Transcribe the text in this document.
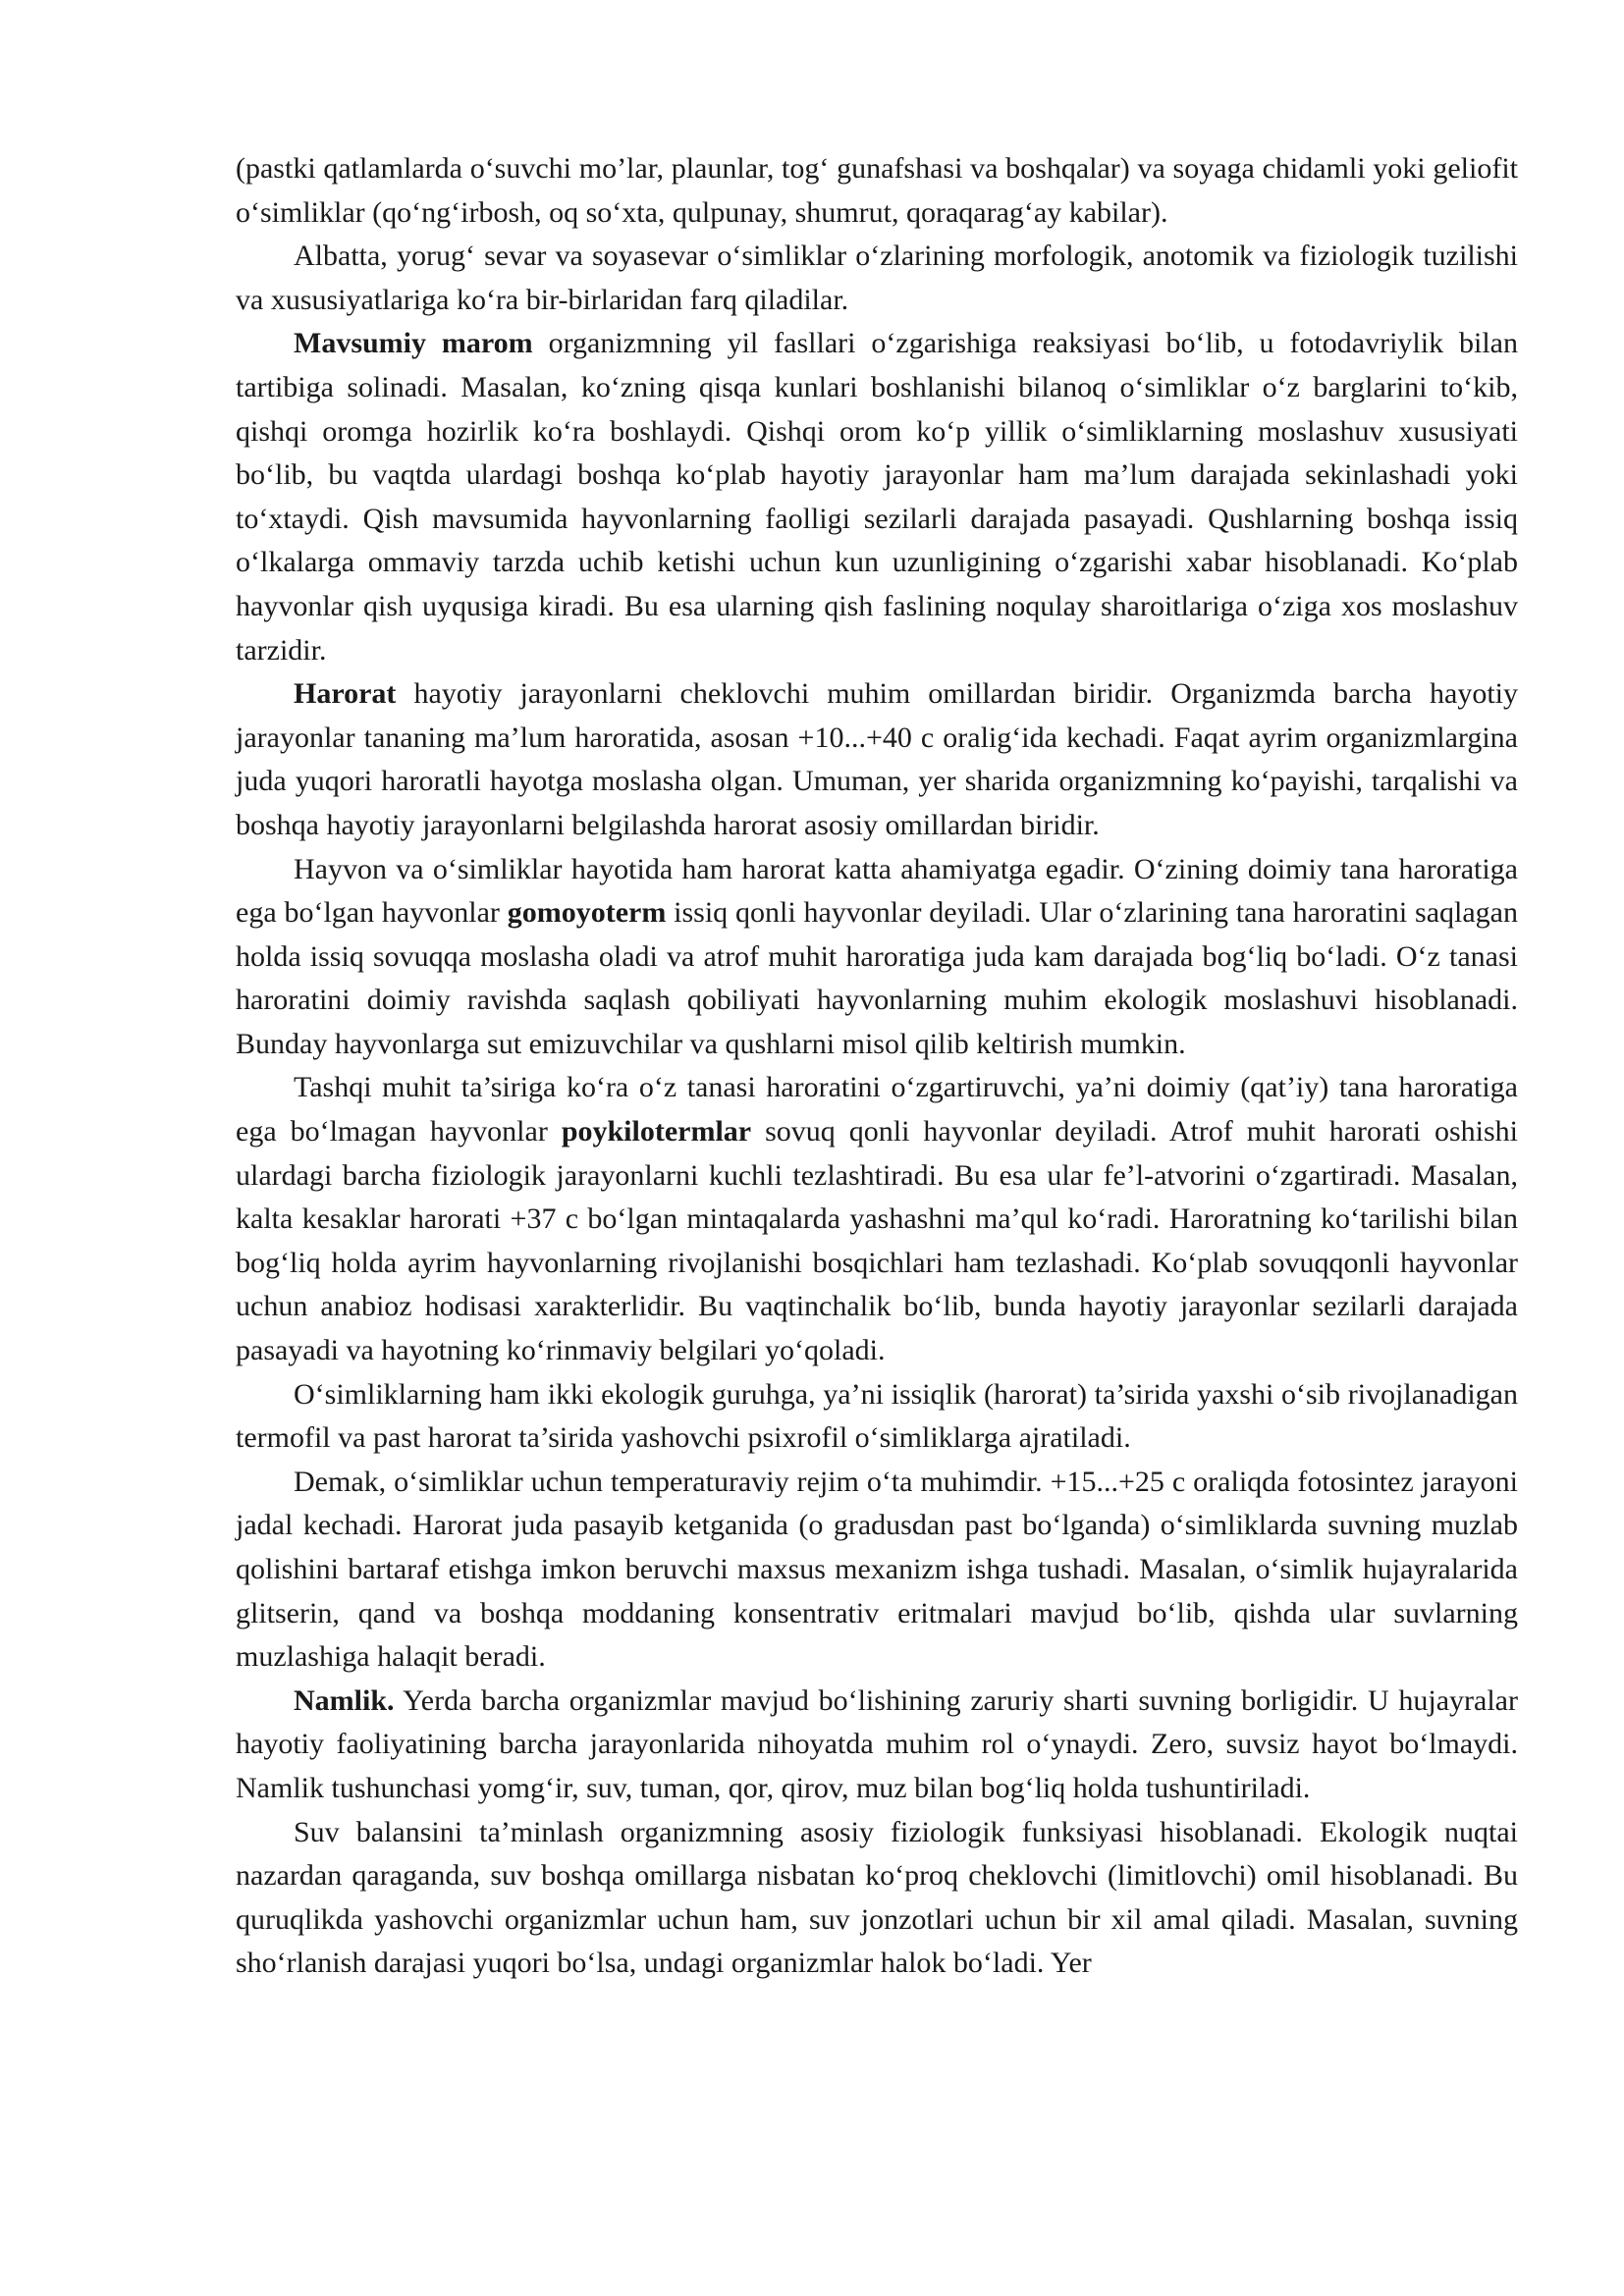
(pastki qatlamlarda o‘suvchi mo’lar, plaunlar, tog‘ gunafshasi va boshqalar) va soyaga chidamli yoki geliofit o‘simliklar (qo‘ng‘irbosh, oq so‘xta, qulpunay, shumrut, qoraqarag‘ay kabilar).

Albatta, yorug‘ sevar va soyasevar o‘simliklar o‘zlarining morfologik, anotomik va fiziologik tuzilishi va xususiyatlariga ko‘ra bir-birlaridan farq qiladilar.

Mavsumiy marom organizmning yil fasllari o‘zgarishiga reaksiyasi bo‘lib, u fotodavriylik bilan tartibiga solinadi. Masalan, ko‘zning qisqa kunlari boshlanishi bilanoq o‘simliklar o‘z barglarini to‘kib, qishqi oromga hozirlik ko‘ra boshlaydi. Qishqi orom ko‘p yillik o‘simliklarning moslashuv xususiyati bo‘lib, bu vaqtda ulardagi boshqa ko‘plab hayotiy jarayonlar ham ma’lum darajada sekinlashadi yoki to‘xtaydi. Qish mavsumida hayvonlarning faolligi sezilarli darajada pasayadi. Qushlarning boshqa issiq o‘lkalarga ommaviy tarzda uchib ketishi uchun kun uzunligining o‘zgarishi xabar hisoblanadi. Ko‘plab hayvonlar qish uyqusiga kiradi. Bu esa ularning qish faslining noqulay sharoitlariga o‘ziga xos moslashuv tarzidir.

Harorat hayotiy jarayonlarni cheklovchi muhim omillardan biridir. Organizmda barcha hayotiy jarayonlar tananing ma’lum haroratida, asosan +10...+40 c oralig‘ida kechadi. Faqat ayrim organizmlargina juda yuqori haroratli hayotga moslasha olgan. Umuman, yer sharida organizmning ko‘payishi, tarqalishi va boshqa hayotiy jarayonlarni belgilashda harorat asosiy omillardan biridir.

Hayvon va o‘simliklar hayotida ham harorat katta ahamiyatga egadir. O‘zining doimiy tana haroratiga ega bo‘lgan hayvonlar gomoyoterm issiq qonli hayvonlar deyiladi. Ular o‘zlarining tana haroratini saqlagan holda issiq sovuqqa moslasha oladi va atrof muhit haroratiga juda kam darajada bog‘liq bo‘ladi. O‘z tanasi haroratini doimiy ravishda saqlash qobiliyati hayvonlarning muhim ekologik moslashuvi hisoblanadi. Bunday hayvonlarga sut emizuvchilar va qushlarni misol qilib keltirish mumkin.

Tashqi muhit ta’siriga ko‘ra o‘z tanasi haroratini o‘zgartiruvchi, ya’ni doimiy (qat’iy) tana haroratiga ega bo‘lmagan hayvonlar poykilotermlar sovuq qonli hayvonlar deyiladi. Atrof muhit harorati oshishi ulardagi barcha fiziologik jarayonlarni kuchli tezlashtiradi. Bu esa ular fe’l-atvorini o‘zgartiradi. Masalan, kalta kesaklar harorati +37 c bo‘lgan mintaqalarda yashashni ma’qul ko‘radi. Haroratning ko‘tarilishi bilan bog‘liq holda ayrim hayvonlarning rivojlanishi bosqichlari ham tezlashadi. Ko‘plab sovuqqonli hayvonlar uchun anabioz hodisasi xarakterlidir. Bu vaqtinchalik bo‘lib, bunda hayotiy jarayonlar sezilarli darajada pasayadi va hayotning ko‘rinmaviy belgilari yo‘qoladi.

O‘simliklarning ham ikki ekologik guruhga, ya’ni issiqlik (harorat) ta’sirida yaxshi o‘sib rivojlanadigan termofil va past harorat ta’sirida yashovchi psixrofil o‘simliklarga ajratiladi.

Demak, o‘simliklar uchun temperaturaviy rejim o‘ta muhimdir. +15...+25 c oraliqda fotosintez jarayoni jadal kechadi. Harorat juda pasayib ketganida (o gradusdan past bo‘lganda) o‘simliklarda suvning muzlab qolishini bartaraf etishga imkon beruvchi maxsus mexanizm ishga tushadi. Masalan, o‘simlik hujayralarida glitserin, qand va boshqa moddaning konsentrativ eritmalari mavjud bo‘lib, qishda ular suvlarning muzlashiga halaqit beradi.

Namlik. Yerda barcha organizmlar mavjud bo‘lishining zaruriy sharti suvning borligidir. U hujayralar hayotiy faoliyatining barcha jarayonlarida nihoyatda muhim rol o‘ynaydi. Zero, suvsiz hayot bo‘lmaydi. Namlik tushunchasi yomg‘ir, suv, tuman, qor, qirov, muz bilan bog‘liq holda tushuntiriladi.

Suv balansini ta’minlash organizmning asosiy fiziologik funksiyasi hisoblanadi. Ekologik nuqtai nazardan qaraganda, suv boshqa omillarga nisbatan ko‘proq cheklovchi (limitlovchi) omil hisoblanadi. Bu quruqlikda yashovchi organizmlar uchun ham, suv jonzotlari uchun bir xil amal qiladi. Masalan, suvning sho‘rlanish darajasi yuqori bo‘lsa, undagi organizmlar halok bo‘ladi. Yer
